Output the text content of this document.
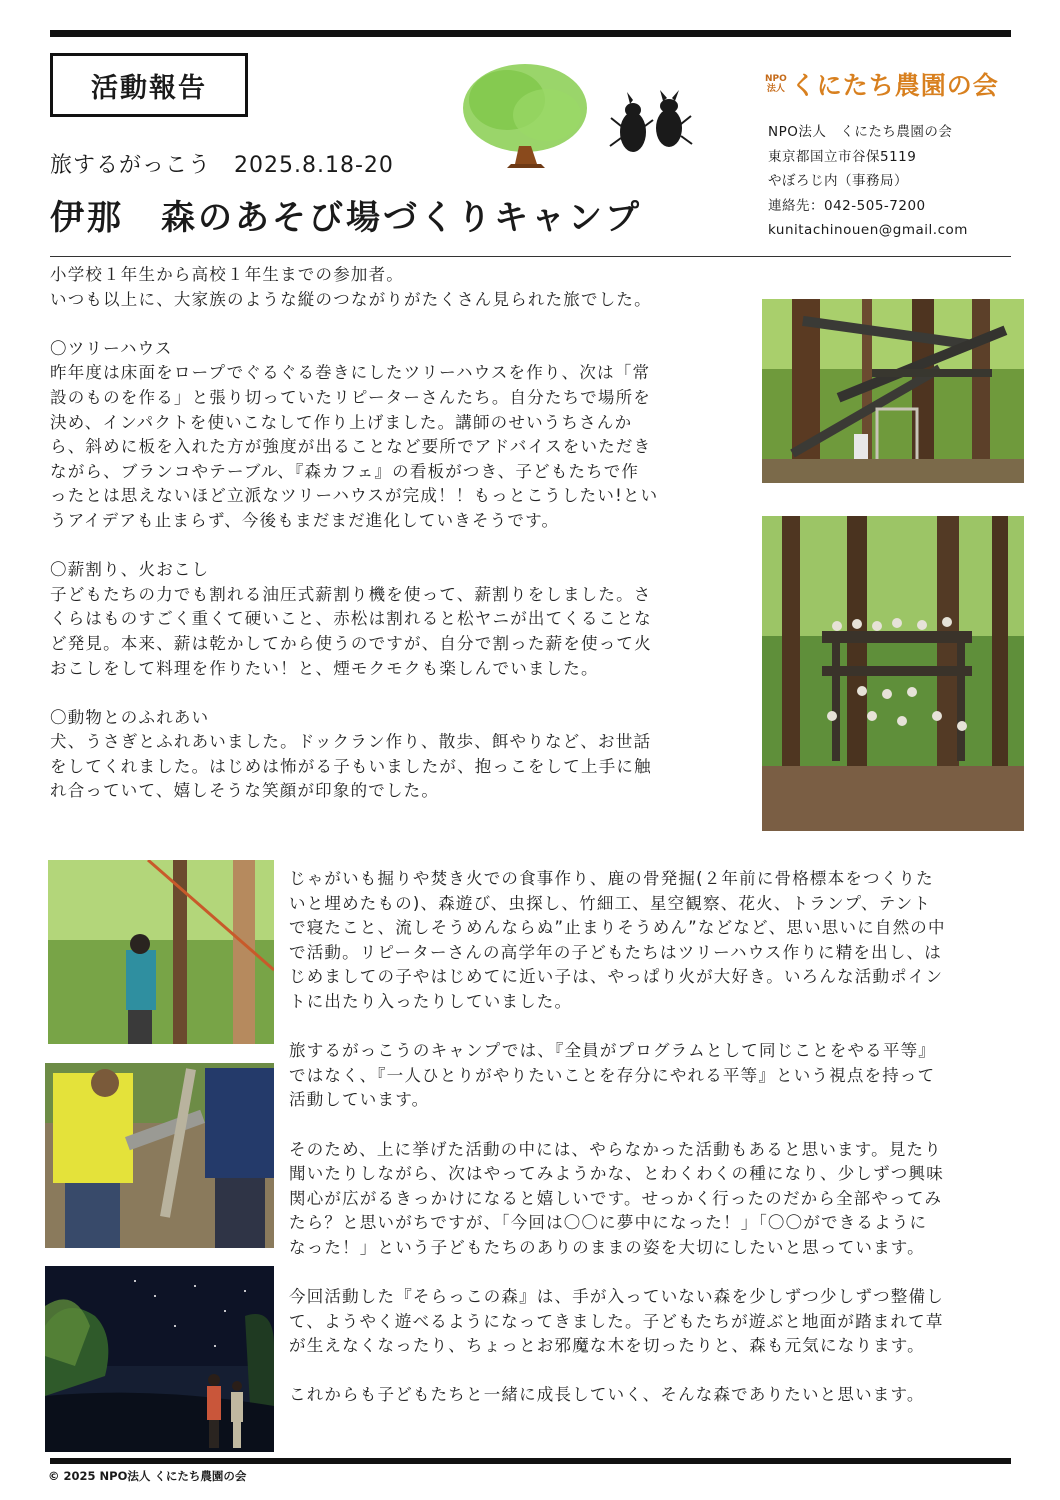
活動報告
旅するがっこう　2025.8.18-20
伊那　森のあそび場づくりキャンプ
NPO
法人 くにたち農園の会
NPO法人　くにたち農園の会
東京都国立市谷保5119
やぼろじ内（事務局）
連絡先：042-505-7200
kunitachinouen@gmail.com

小学校１年生から高校１年生までの参加者。

いつも以上に、大家族のような縦のつながりがたくさん見られた旅でした。

〇ツリーハウス

昨年度は床面をロープでぐるぐる巻きにしたツリーハウスを作り、次は「常

設のものを作る」と張り切っていたリピーターさんたち。自分たちで場所を

決め、インパクトを使いこなして作り上げました。講師のせいうちさんか

ら、斜めに板を入れた方が強度が出ることなど要所でアドバイスをいただき

ながら、ブランコやテーブル、『森カフェ』の看板がつき、子どもたちで作

ったとは思えないほど立派なツリーハウスが完成！！もっとこうしたい!とい

うアイデアも止まらず、今後もまだまだ進化していきそうです。

〇薪割り、火おこし

子どもたちの力でも割れる油圧式薪割り機を使って、薪割りをしました。さ

くらはものすごく重くて硬いこと、赤松は割れると松ヤニが出てくることな

ど発見。本来、薪は乾かしてから使うのですが、自分で割った薪を使って火

おこしをして料理を作りたい！と、煙モクモクも楽しんでいました。

〇動物とのふれあい

犬、うさぎとふれあいました。ドックラン作り、散歩、餌やりなど、お世話

をしてくれました。はじめは怖がる子もいましたが、抱っこをして上手に触

れ合っていて、嬉しそうな笑顔が印象的でした。

じゃがいも掘りや焚き火での食事作り、鹿の骨発掘(２年前に骨格標本をつくりた

いと埋めたもの)、森遊び、虫探し、竹細工、星空観察、花火、トランプ、テント

で寝たこと、流しそうめんならぬ”止まりそうめん”などなど、思い思いに自然の中

で活動。リピーターさんの高学年の子どもたちはツリーハウス作りに精を出し、は

じめましての子やはじめてに近い子は、やっぱり火が大好き。いろんな活動ポイン

トに出たり入ったりしていました。

旅するがっこうのキャンプでは、『全員がプログラムとして同じことをやる平等』

ではなく、『一人ひとりがやりたいことを存分にやれる平等』という視点を持って

活動しています。

そのため、上に挙げた活動の中には、やらなかった活動もあると思います。見たり

聞いたりしながら、次はやってみようかな、とわくわくの種になり、少しずつ興味

関心が広がるきっかけになると嬉しいです。せっかく行ったのだから全部やってみ

たら？と思いがちですが、「今回は〇〇に夢中になった！」「〇〇ができるように

なった！」という子どもたちのありのままの姿を大切にしたいと思っています。

今回活動した『そらっこの森』は、手が入っていない森を少しずつ少しずつ整備し

て、ようやく遊べるようになってきました。子どもたちが遊ぶと地面が踏まれて草

が生えなくなったり、ちょっとお邪魔な木を切ったりと、森も元気になります。

これからも子どもたちと一緒に成長していく、そんな森でありたいと思います。

© 2025 NPO法人 くにたち農園の会
